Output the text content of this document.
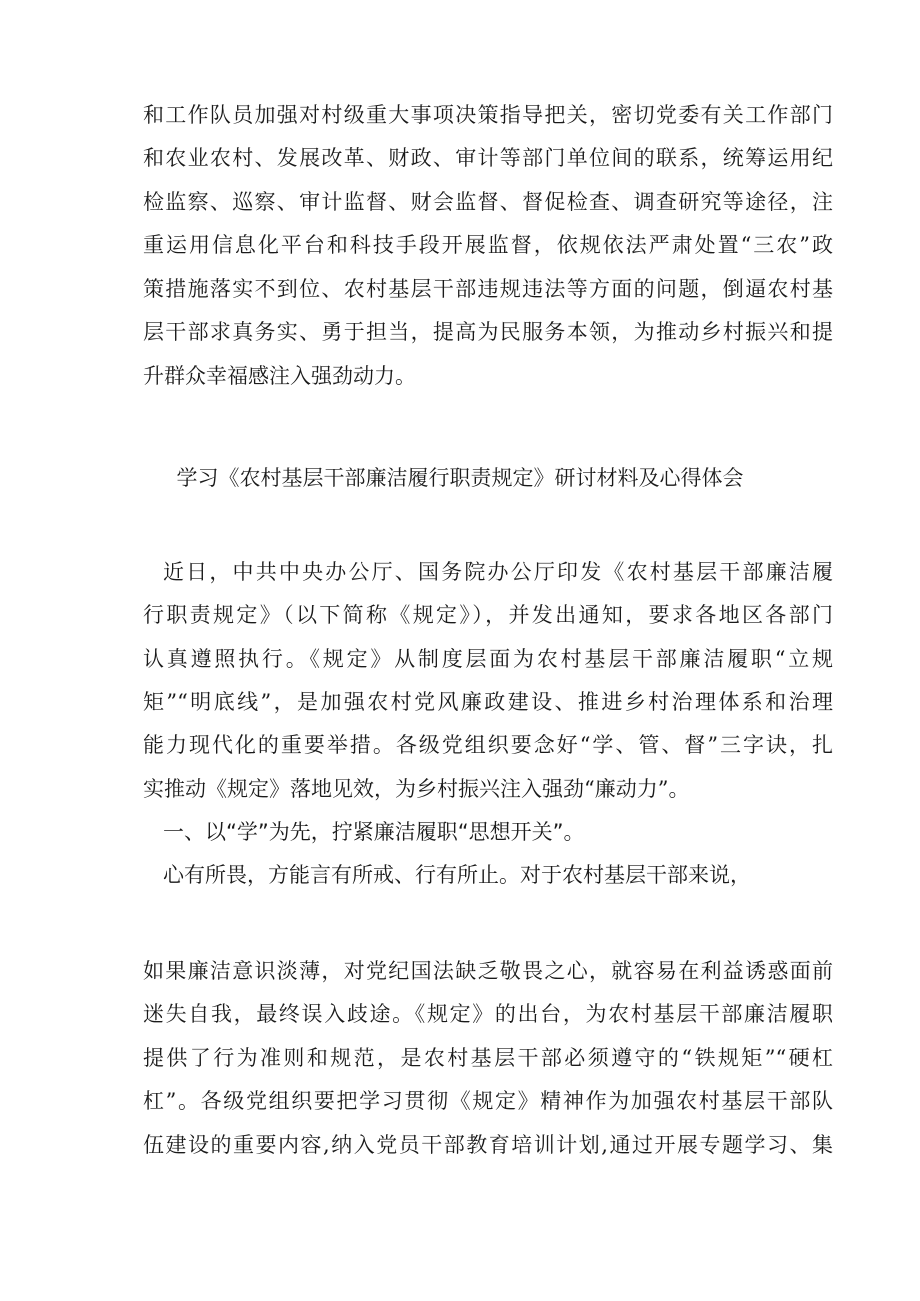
和工作队员加强对村级重大事项决策指导把关，密切党委有关工作部门
和农业农村、发展改革、财政、审计等部门单位间的联系，统筹运用纪
检监察、巡察、审计监督、财会监督、督促检查、调查研究等途径，注
重运用信息化平台和科技手段开展监督，依规依法严肃处置“三农”政
策措施落实不到位、农村基层干部违规违法等方面的问题，倒逼农村基
层干部求真务实、勇于担当，提高为民服务本领，为推动乡村振兴和提
升群众幸福感注入强劲动力。
学习《农村基层干部廉洁履行职责规定》研讨材料及心得体会
近日，中共中央办公厅、国务院办公厅印发《农村基层干部廉洁履
行职责规定》（以下简称《规定》），并发出通知，要求各地区各部门
认真遵照执行。《规定》从制度层面为农村基层干部廉洁履职“立规
矩”“明底线”，是加强农村党风廉政建设、推进乡村治理体系和治理
能力现代化的重要举措。各级党组织要念好“学、管、督”三字诀，扎
实推动《规定》落地见效，为乡村振兴注入强劲“廉动力”。
一、以“学”为先，拧紧廉洁履职“思想开关”。
心有所畏，方能言有所戒、行有所止。对于农村基层干部来说，
如果廉洁意识淡薄，对党纪国法缺乏敬畏之心，就容易在利益诱惑面前
迷失自我，最终误入歧途。《规定》的出台，为农村基层干部廉洁履职
提供了行为准则和规范，是农村基层干部必须遵守的“铁规矩”“硬杠
杠”。各级党组织要把学习贯彻《规定》精神作为加强农村基层干部队
伍建设的重要内容,纳入党员干部教育培训计划,通过开展专题学习、集
